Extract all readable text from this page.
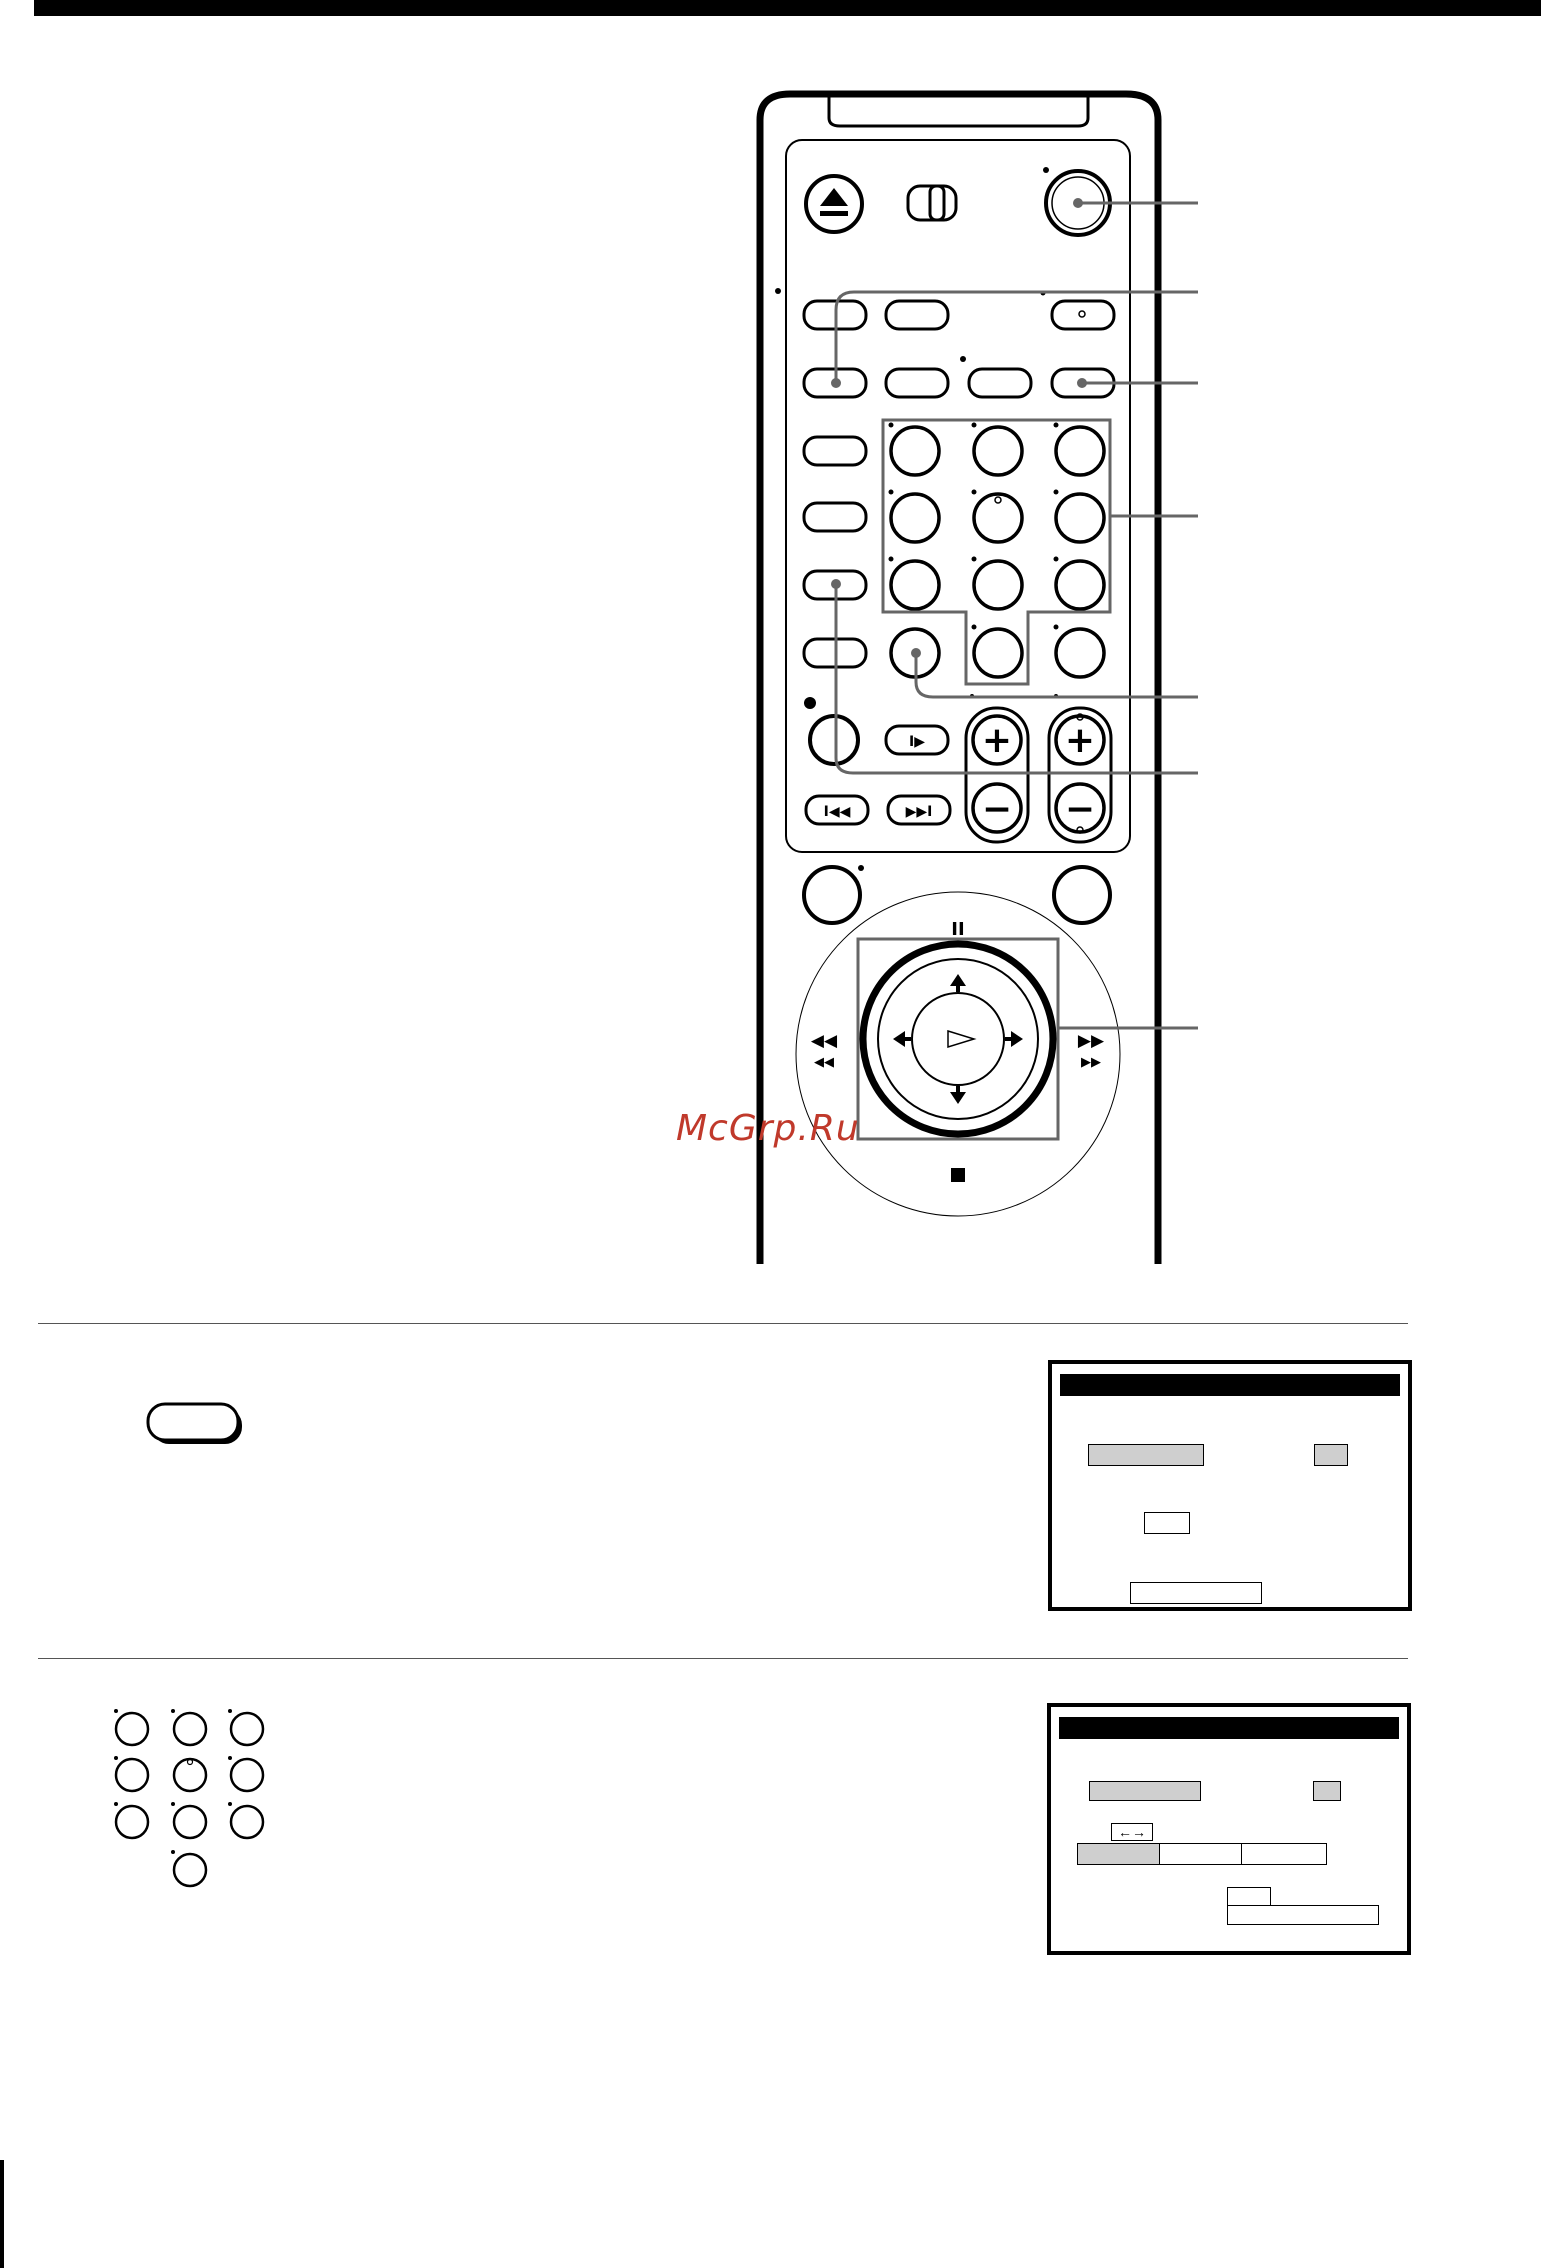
I▶ +
−
+
−
I◀◀	▶▶I
II
◀◀
◀◀
▶▶
▶▶
McGrp.Ru
←→
